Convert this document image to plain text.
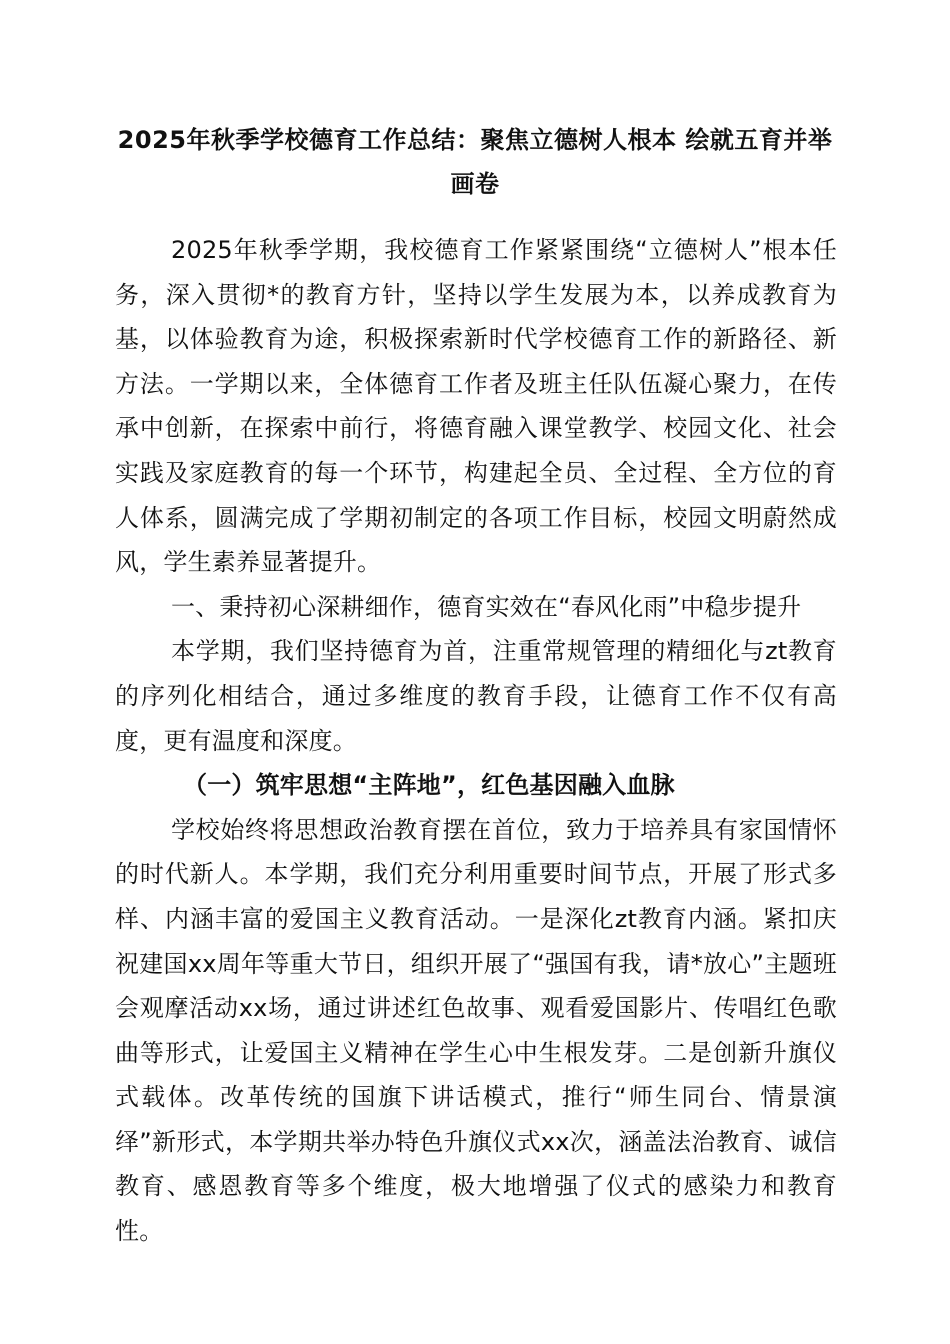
2025年秋季学校德育工作总结：聚焦立德树人根本 绘就五育并举画卷

2025年秋季学期，我校德育工作紧紧围绕“立德树人”根本任务，深入贯彻*的教育方针，坚持以学生发展为本，以养成教育为基，以体验教育为途，积极探索新时代学校德育工作的新路径、新方法。一学期以来，全体德育工作者及班主任队伍凝心聚力，在传承中创新，在探索中前行，将德育融入课堂教学、校园文化、社会实践及家庭教育的每一个环节，构建起全员、全过程、全方位的育人体系，圆满完成了学期初制定的各项工作目标，校园文明蔚然成风，学生素养显著提升。

一、秉持初心深耕细作，德育实效在“春风化雨”中稳步提升

本学期，我们坚持德育为首，注重常规管理的精细化与zt教育的序列化相结合，通过多维度的教育手段，让德育工作不仅有高度，更有温度和深度。

（一）筑牢思想“主阵地”，红色基因融入血脉

学校始终将思想政治教育摆在首位，致力于培养具有家国情怀的时代新人。本学期，我们充分利用重要时间节点，开展了形式多样、内涵丰富的爱国主义教育活动。一是深化zt教育内涵。紧扣庆祝建国xx周年等重大节日，组织开展了“强国有我，请*放心”主题班会观摩活动xx场，通过讲述红色故事、观看爱国影片、传唱红色歌曲等形式，让爱国主义精神在学生心中生根发芽。二是创新升旗仪式载体。改革传统的国旗下讲话模式，推行“师生同台、情景演绎”新形式，本学期共举办特色升旗仪式xx次，涵盖法治教育、诚信教育、感恩教育等多个维度，极大地增强了仪式的感染力和教育性。
